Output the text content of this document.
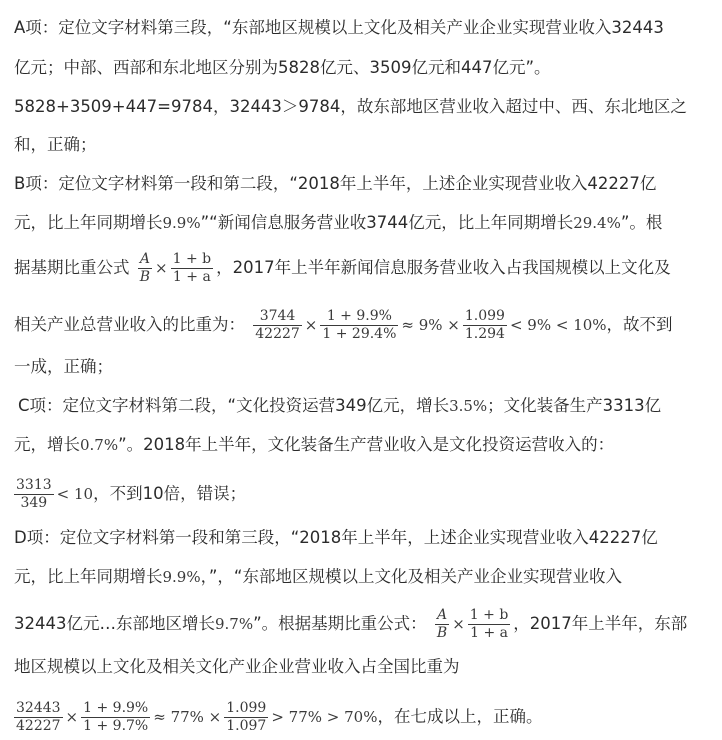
A项：定位文字材料第三段，“东部地区规模以上文化及相关产业企业实现营业收入32443
亿元；中部、西部和东北地区分别为5828亿元、3509亿元和447亿元”。
5828+3509+447=9784，32443＞9784，故东部地区营业收入超过中、西、东北地区之
和，正确；
B项：定位文字材料第一段和第二段，“2018年上半年，上述企业实现营业收入42227亿
元，比上年同期增长9.9%”“新闻信息服务营业收3744亿元，比上年同期增长29.4%”。根
据基期比重公式 $\frac{A}{B} \times \frac{1 + b}{1 + a}$ ，2017年上半年新闻信息服务营业收入占我国规模以上文化及
相关产业总营业收入的比重为： $\frac{3744}{42227} \times \frac{1 + 9.9\%}{1 + 29.4\%} \approx 9\% \times \frac{1.099}{1.294} < 9\% < 10\%$，故不到
一成，正确；
C项：定位文字材料第二段，“文化投资运营349亿元，增长3.5%；文化装备生产3313亿
元，增长0.7%”。2018年上半年，文化装备生产营业收入是文化投资运营收入的：
$\frac{3313}{349} < 10$，不到10倍，错误；
D项：定位文字材料第一段和第三段，“2018年上半年，上述企业实现营业收入42227亿
元，比上年同期增长9.9%，”，“东部地区规模以上文化及相关产业企业实现营业收入
32443亿元…东部地区增长9.7%”。根据基期比重公式： $\frac{A}{B} \times \frac{1 + b}{1 + a}$ ，2017年上半年，东部
地区规模以上文化及相关文化产业企业营业收入占全国比重为
$\frac{32443}{42227} \times \frac{1 + 9.9\%}{1 + 9.7\%} \approx 77\% \times \frac{1.099}{1.097} > 77\% > 70\%$，在七成以上，正确。
